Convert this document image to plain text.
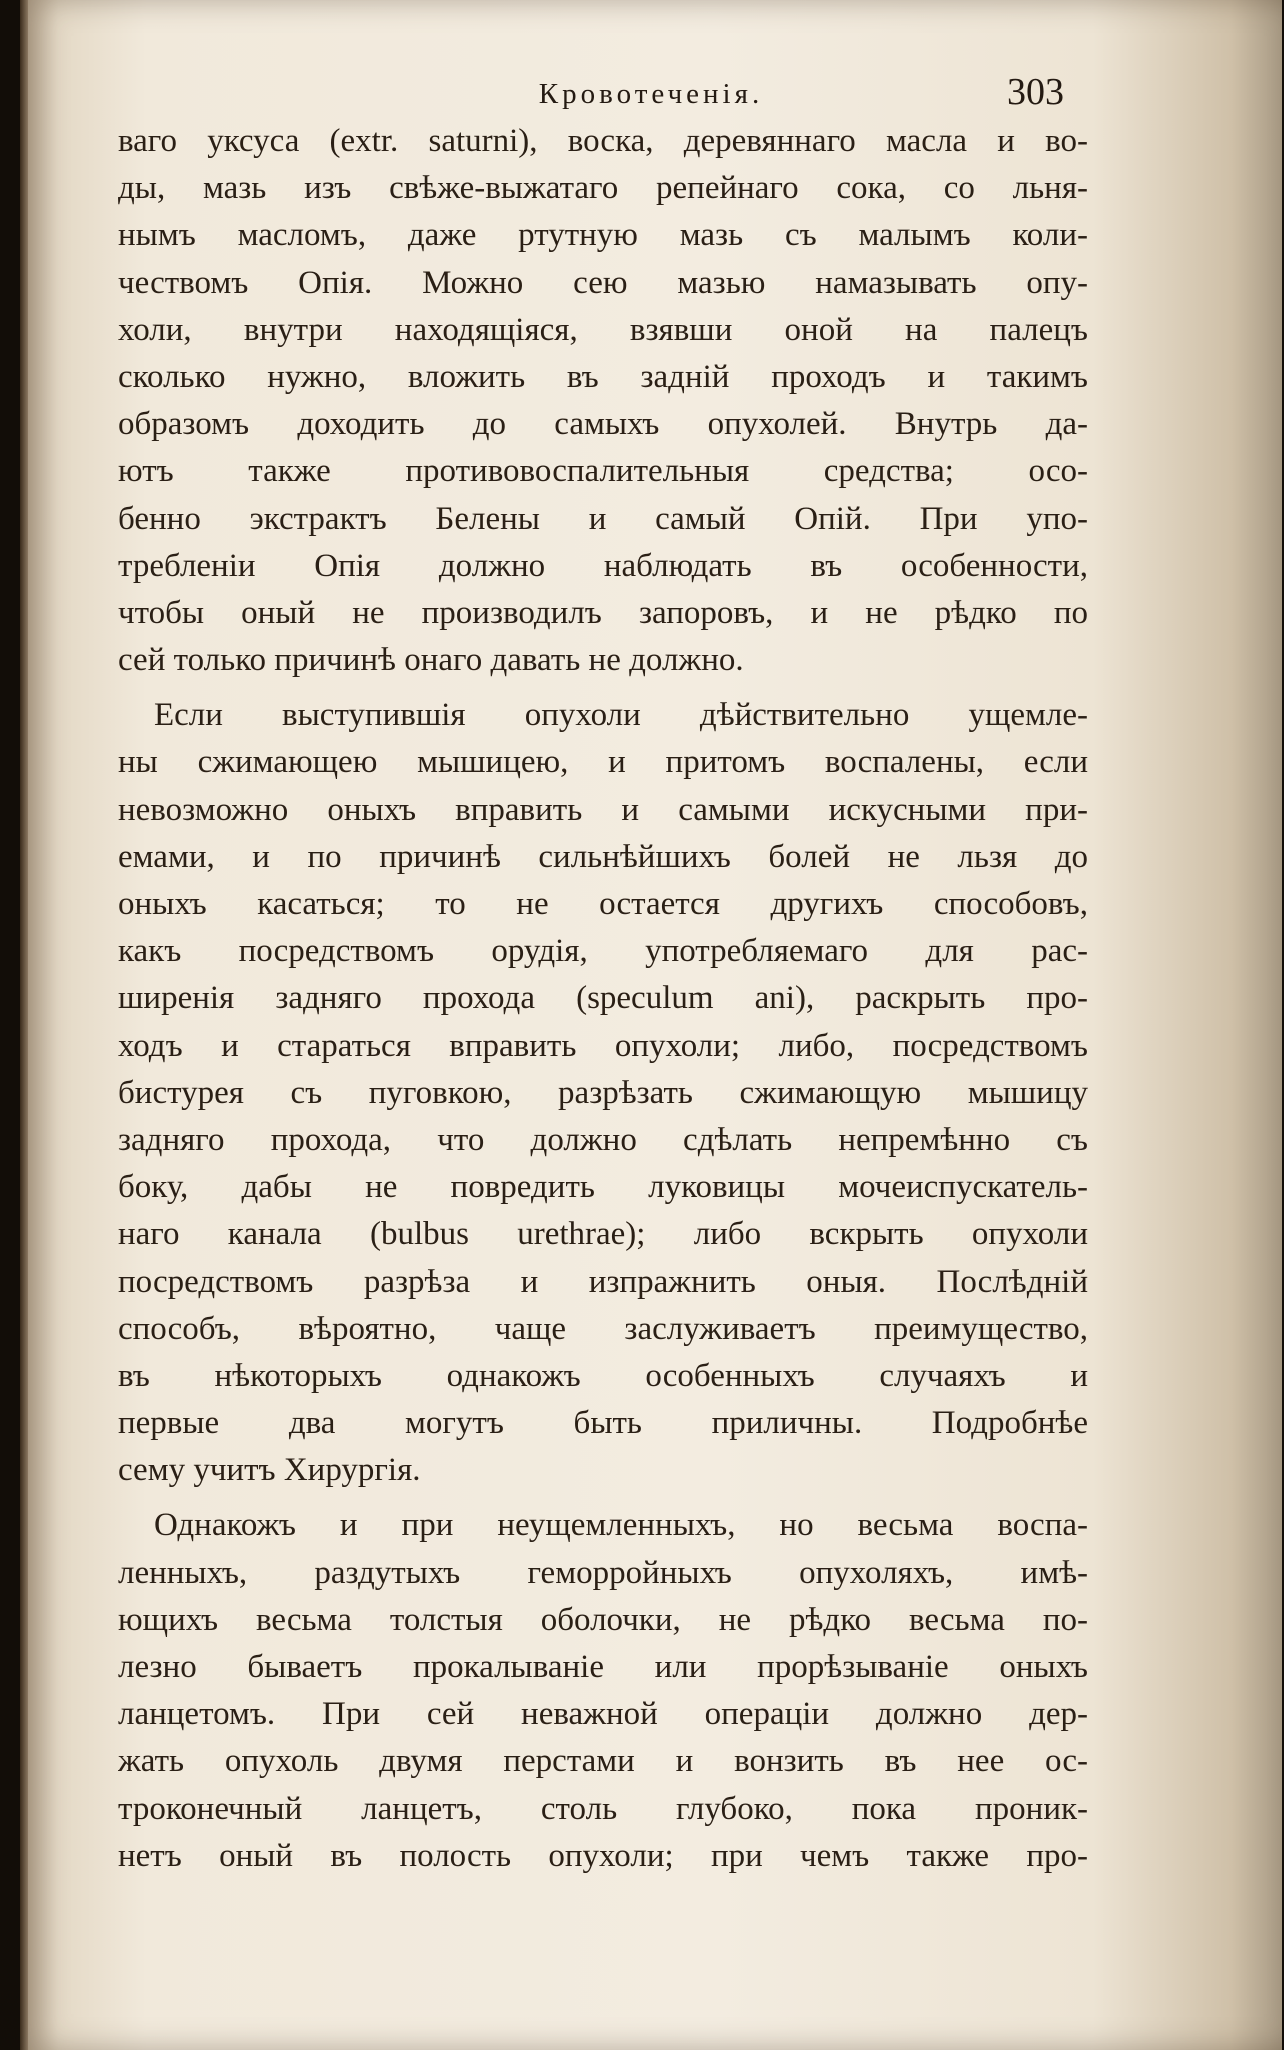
Кровотеченія.	303
ваго уксуса (extr. saturni), воска, деревяннаго масла и во-
ды, мазь изъ свѣже-выжатаго репейнаго сока, со льня-
нымъ масломъ, даже ртутную мазь съ малымъ коли-
чествомъ Опія. Можно сею мазью намазывать опу-
холи, внутри находящіяся, взявши оной на палецъ
сколько нужно, вложить въ задній проходъ и такимъ
образомъ доходить до самыхъ опухолей. Внутрь да-
ютъ также противовоспалительныя средства; осо-
бенно экстрактъ Белены и самый Опій. При упо-
требленіи Опія должно наблюдать въ особенности,
чтобы оный не производилъ запоровъ, и не рѣдко по
сей только причинѣ онаго давать не должно.
Если выступившія опухоли дѣйствительно ущемле-
ны сжимающею мышицею, и притомъ воспалены, если
невозможно оныхъ вправить и самыми искусными при-
емами, и по причинѣ сильнѣйшихъ болей не льзя до
оныхъ касаться; то не остается другихъ способовъ,
какъ посредствомъ орудія, употребляемаго для рас-
ширенія задняго прохода (speculum ani), раскрыть про-
ходъ и стараться вправить опухоли; либо, посредствомъ
бистурея съ пуговкою, разрѣзать сжимающую мышицу
задняго прохода, что должно сдѣлать непремѣнно съ
боку, дабы не повредить луковицы мочеиспускатель-
наго канала (bulbus urethrae); либо вскрыть опухоли
посредствомъ разрѣза и изпражнить оныя. Послѣдній
способъ, вѣроятно, чаще заслуживаетъ преимущество,
въ нѣкоторыхъ однакожъ особенныхъ случаяхъ и
первые два могутъ быть приличны. Подробнѣе
сему учитъ Хирургія.
Однакожъ и при неущемленныхъ, но весьма воспа-
ленныхъ, раздутыхъ геморройныхъ опухоляхъ, имѣ-
ющихъ весьма толстыя оболочки, не рѣдко весьма по-
лезно бываетъ прокалываніе или прорѣзываніе оныхъ
ланцетомъ. При сей неважной операціи должно дер-
жать опухоль двумя перстами и вонзить въ нее ос-
троконечный ланцетъ, столь глубоко, пока проник-
нетъ оный въ полость опухоли; при чемъ также про-
